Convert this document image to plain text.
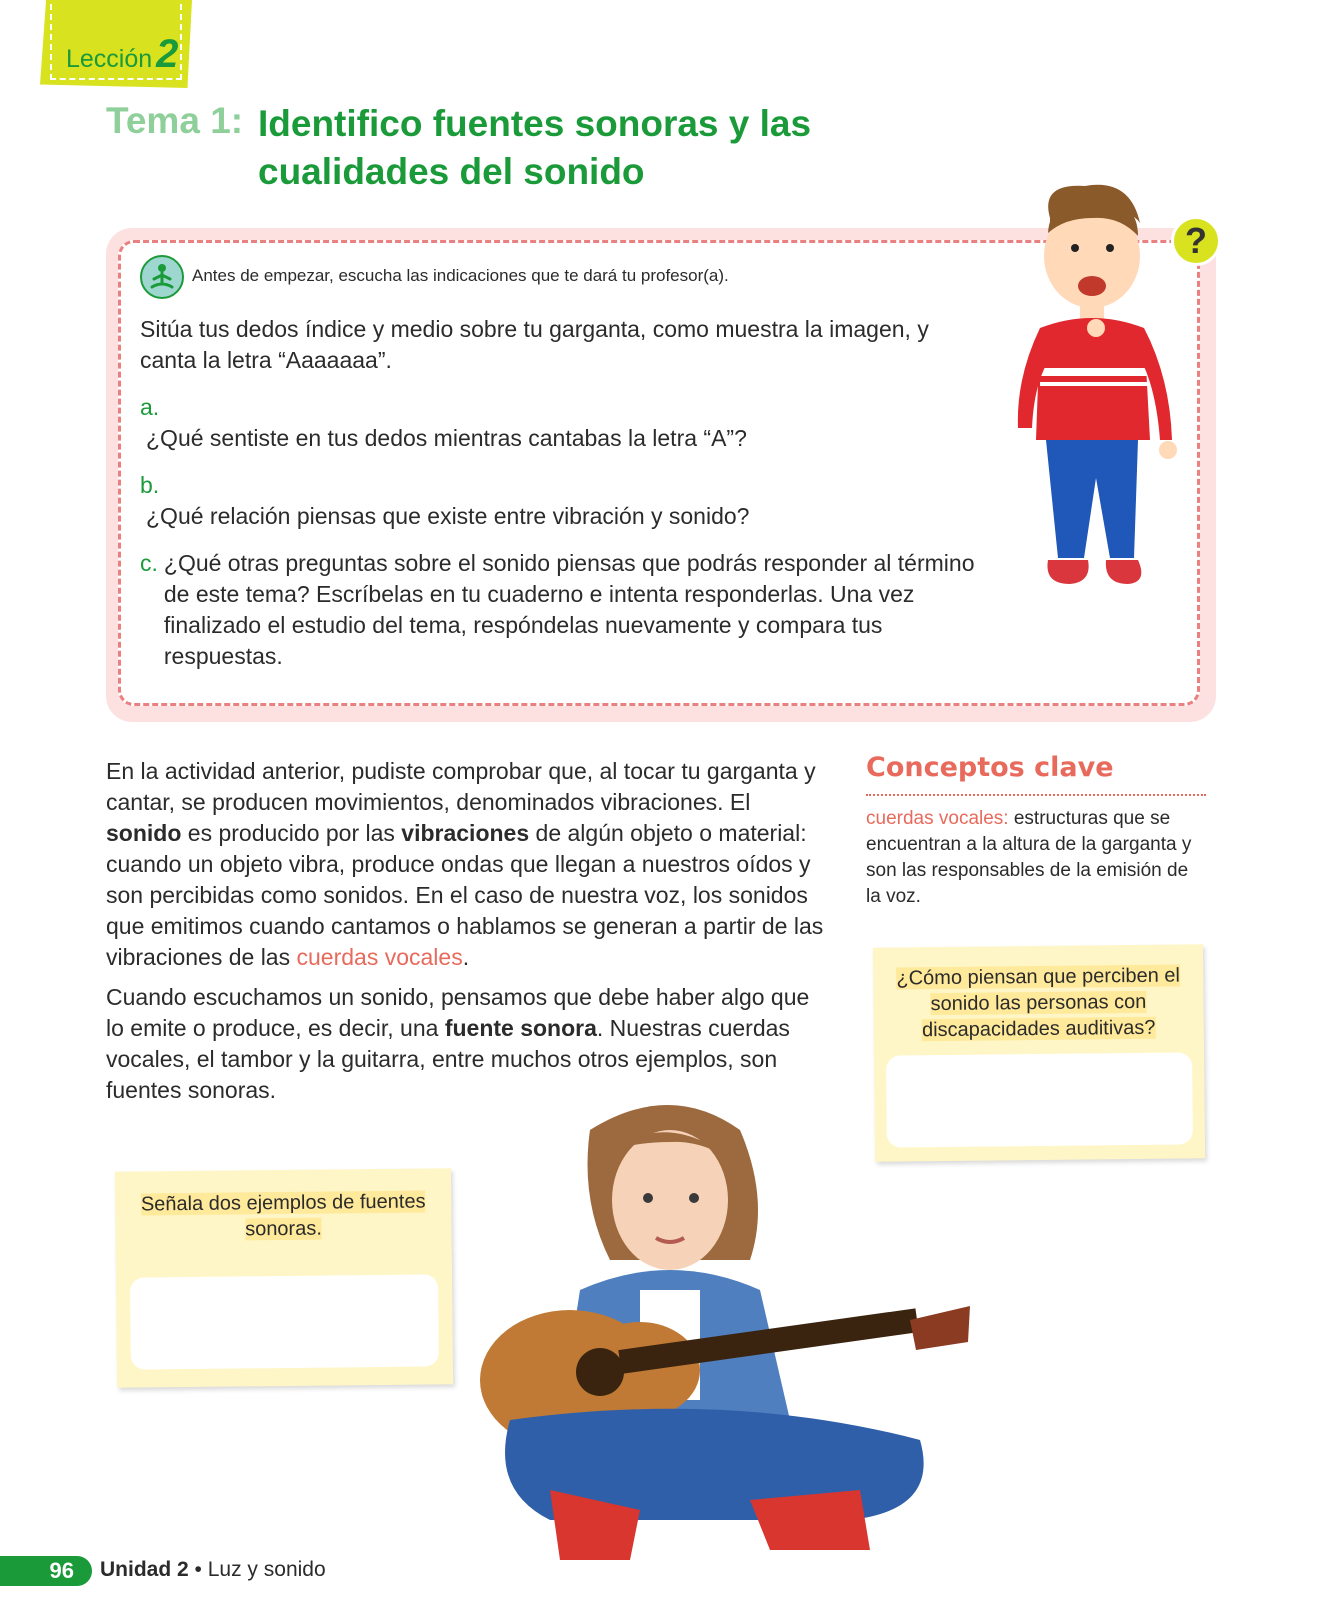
Lección 2
Tema 1: Identifico fuentes sonoras y las cualidades del sonido
Antes de empezar, escucha las indicaciones que te dará tu profesor(a).
Sitúa tus dedos índice y medio sobre tu garganta, como muestra la imagen, y canta la letra “Aaaaaaa”.
a.¿Qué sentiste en tus dedos mientras cantabas la letra “A”?
b.¿Qué relación piensas que existe entre vibración y sonido?
c. ¿Qué otras preguntas sobre el sonido piensas que podrás responder al término de este tema? Escríbelas en tu cuaderno e intenta responderlas. Una vez finalizado el estudio del tema, respóndelas nuevamente y compara tus respuestas.
?
En la actividad anterior, pudiste comprobar que, al tocar tu garganta y cantar, se producen movimientos, denominados vibraciones. El sonido es producido por las vibraciones de algún objeto o material: cuando un objeto vibra, produce ondas que llegan a nuestros oídos y son percibidas como sonidos. En el caso de nuestra voz, los sonidos que emitimos cuando cantamos o hablamos se generan a partir de las vibraciones de las cuerdas vocales.
Cuando escuchamos un sonido, pensamos que debe haber algo que lo emite o produce, es decir, una fuente sonora. Nuestras cuerdas vocales, el tambor y la guitarra, entre muchos otros ejemplos, son fuentes sonoras.
Conceptos clave
cuerdas vocales: estructuras que se encuentran a la altura de la garganta y son las responsables de la emisión de la voz.
¿Cómo piensan que perciben el sonido las personas con discapacidades auditivas?
Señala dos ejemplos de fuentes sonoras.
96	Unidad 2 • Luz y sonido
